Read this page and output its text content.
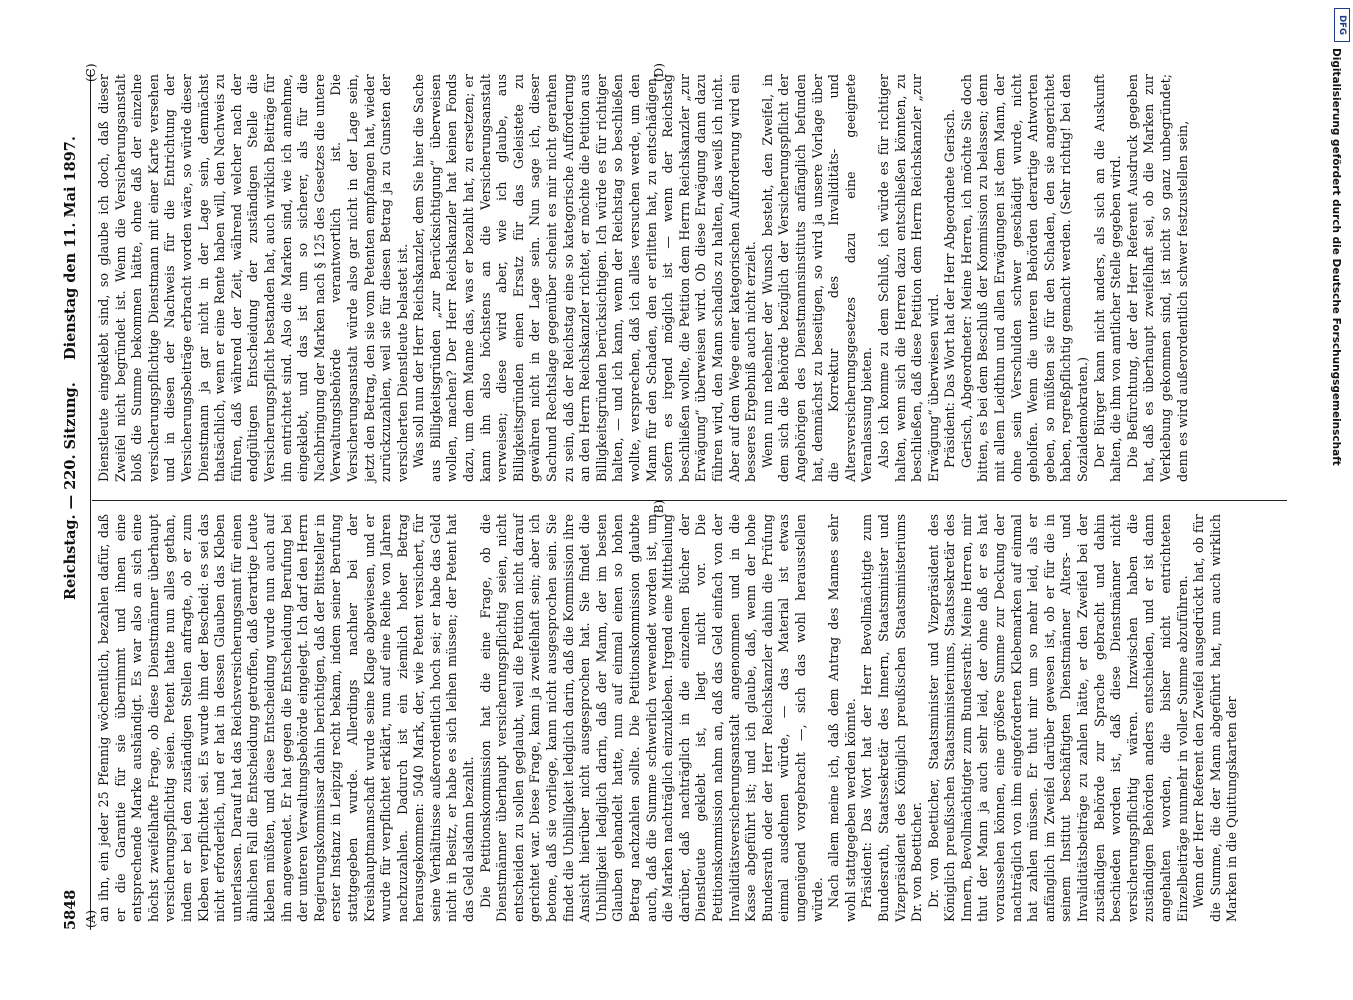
5848
Reichstag. — 220. Sitzung.
Dienstag den 11. Mai 1897.
(A)
(B)
(C)	(D)

an ihn, ein jeder 25 Pfennig wöchentlich, bezahlen dafür, daß er die Garantie für sie übernimmt und ihnen eine entsprechende Marke aushändigt. Es war also an sich eine höchst zweifelhafte Frage, ob diese Dienstmänner überhaupt versicherungspflichtig seien. Petent hatte nun alles gethan, indem er bei den zuständigen Stellen anfragte, ob er zum Kleben verpflichtet sei. Es wurde ihm der Bescheid: es sei das nicht erforderlich, und er hat in dessen Glauben das Kleben unterlassen. Darauf hat das Reichsversicherungsamt für einen ähnlichen Fall die Entscheidung getroffen, daß derartige Leute kleben müßten, und diese Entscheidung wurde nun auch auf ihn angewendet. Er hat gegen die Entscheidung Berufung bei der unteren Verwaltungsbehörde eingelegt. Ich darf den Herrn Regierungskommissar dahin berichtigen, daß der Bittsteller in erster Instanz in Leipzig recht bekam, indem seiner Berufung stattgegeben wurde. Allerdings nachher bei der Kreishauptmannschaft wurde seine Klage abgewiesen, und er wurde für verpflichtet erklärt, nun auf eine Reihe von Jahren nachzuzahlen. Dadurch ist ein ziemlich hoher Betrag herausgekommen: 5040 Mark, der, wie Petent versichert, für seine Verhältnisse außerordentlich hoch sei; er habe das Geld nicht in Besitz, er habe es sich leihen müssen; der Petent hat das Geld alsdann bezahlt. Die Petitionskommission hat die eine Frage, ob die Dienstmänner überhaupt versicherungspflichtig seien, nicht entscheiden zu sollen geglaubt, weil die Petition nicht darauf gerichtet war. Diese Frage, kann ja zweifelhaft sein; aber ich betone, daß sie vorliege, kann nicht ausgesprochen sein. Sie findet die Unbilligkeit lediglich darin, daß die Kommission ihre Ansicht hierüber nicht ausgesprochen hat. Sie findet die Unbilligkeit lediglich darin, daß der Mann, der im besten Glauben gehandelt hatte, nun auf einmal einen so hohen Betrag nachzahlen sollte. Die Petitionskommission glaubte auch, daß die Summe schwerlich verwendet worden ist, um die Marken nachträglich einzukleben. Irgend eine Mittheilung darüber, daß nachträglich in die einzelnen Bücher der Dienstleute geklebt ist, liegt nicht vor. Die Petitionskommission nahm an, daß das Geld einfach von der Invaliditätsversicherungsanstalt angenommen und in die Kasse abgeführt ist; und ich glaube, daß, wenn der hohe Bundesrath oder der Herr Reichskanzler dahin die Prüfung einmal ausdehnen würde, — das Material ist etwas ungenügend vorgebracht —, sich das wohl herausstellen würde. Nach allem meine ich, daß dem Antrag des Mannes sehr wohl stattgegeben werden könnte. Präsident: Das Wort hat der Herr Bevollmächtigte zum Bundesrath, Staatssekretär des Innern, Staatsminister und Vizepräsident des Königlich preußischen Staatsministeriums Dr. von Boetticher. Dr. von Boetticher, Staatsminister und Vizepräsident des Königlich preußischen Staatsministeriums, Staatssekretär des Innern, Bevollmächtigter zum Bundesrath: Meine Herren, mir thut der Mann ja auch sehr leid, der ohne daß er es hat voraussehen können, eine größere Summe zur Deckung der nachträglich von ihm eingeforderten Klebemarken auf einmal hat zahlen müssen. Er thut mir um so mehr leid, als er anfänglich im Zweifel darüber gewesen ist, ob er für die in seinem Institut beschäftigten Dienstmänner Alters- und Invaliditätsbeiträge zu zahlen hätte, er den Zweifel bei der zuständigen Behörde zur Sprache gebracht und dahin beschieden worden ist, daß diese Dienstmänner nicht versicherungspflichtig wären. Inzwischen haben die zuständigen Behörden anders entschieden, und er ist dann angehalten worden, die bisher nicht entrichteten Einzelbeiträge nunmehr in voller Summe abzuführen. Wenn der Herr Referent den Zweifel ausgedrückt hat, ob für die Summe, die der Mann abgeführt hat, nun auch wirklich Marken in die Quittungskarten der

Dienstleute eingeklebt sind, so glaube ich doch, daß dieser Zweifel nicht begründet ist. Wenn die Versicherungsanstalt bloß die Summe bekommen hätte, ohne daß der einzelne versicherungspflichtige Dienstmann mit einer Karte versehen und in diesen der Nachweis für die Entrichtung der Versicherungsbeiträge erbracht worden wäre, so würde dieser Dienstmann ja gar nicht in der Lage sein, demnächst thatsächlich, wenn er eine Rente haben will, den Nachweis zu führen, daß während der Zeit, während welcher nach der endgültigen Entscheidung der zuständigen Stelle die Versicherungspflicht bestanden hat, auch wirklich Beiträge für ihn entrichtet sind. Also die Marken sind, wie ich annehme, eingeklebt, und das ist um so sicherer, als für die Nachbringung der Marken nach § 125 des Gesetzes die untere Verwaltungsbehörde verantwortlich ist. Die Versicherungsanstalt würde also gar nicht in der Lage sein, jetzt den Betrag, den sie vom Petenten empfangen hat, wieder zurückzuzahlen, weil sie für diesen Betrag ja zu Gunsten der versicherten Dienstleute belastet ist. Was soll nun der Herr Reichskanzler, dem Sie hier die Sache aus Billigkeitsgründen „zur Berücksichtigung“ überweisen wollen, machen? Der Herr Reichskanzler hat keinen Fonds dazu, um dem Manne das, was er bezahlt hat, zu ersetzen; er kann ihn also höchstens an die Versicherungsanstalt verweisen; diese wird aber, wie ich glaube, aus Billigkeitsgründen einen Ersatz für das Geleistete zu gewähren nicht in der Lage sein. Nun sage ich, dieser Sachund Rechtslage gegenüber scheint es mir nicht gerathen zu sein, daß der Reichstag eine so kategorische Aufforderung an den Herrn Reichskanzler richtet, er möchte die Petition aus Billigkeitsgründen berücksichtigen. Ich würde es für richtiger halten, — und ich kann, wenn der Reichstag so beschließen wollte, versprechen, daß ich alles versuchen werde, um den Mann für den Schaden, den er erlitten hat, zu entschädigen, sofern es irgend möglich ist — wenn der Reichstag beschließen wollte, die Petition dem Herrn Reichskanzler „zur Erwägung“ überweisen wird. Ob diese Erwägung dann dazu führen wird, den Mann schadlos zu halten, das weiß ich nicht. Aber auf dem Wege einer kategorischen Aufforderung wird ein besseres Ergebniß auch nicht erzielt. Wenn nun nebenher der Wunsch besteht, den Zweifel, in dem sich die Behörde bezüglich der Versicherungspflicht der Angehörigen des Dienstmannsinstituts anfänglich befunden hat, demnächst zu beseitigen, so wird ja unsere Vorlage über die Korrektur des Invaliditäts- und Altersversicherungsgesetzes dazu eine geeignete Veranlassung bieten. Also ich komme zu dem Schluß, ich würde es für richtiger halten, wenn sich die Herren dazu entschließen könnten, zu beschließen, daß diese Petition dem Herrn Reichskanzler „zur Erwägung“ überwiesen wird. Präsident: Das Wort hat der Herr Abgeordnete Gerisch. Gerisch, Abgeordneter: Meine Herren, ich möchte Sie doch bitten, es bei dem Beschluß der Kommission zu belassen; denn mit allem Leidthun und allen Erwägungen ist dem Mann, der ohne sein Verschulden schwer geschädigt wurde, nicht geholfen. Wenn die unteren Behörden derartige Antworten geben, so müßten sie für den Schaden, den sie angerichtet haben, regreßpflichtig gemacht werden. (Sehr richtig! bei den Sozialdemokraten.) Der Bürger kann nicht anders, als sich an die Auskunft halten, die ihm von amtlicher Stelle gegeben wird. Die Befürchtung, der der Herr Referent Ausdruck gegeben hat, daß es überhaupt zweifelhaft sei, ob die Marken zur Verklebung gekommen sind, ist nicht so ganz unbegründet; denn es wird außerordentlich schwer festzustellen sein,

DFG
Digitalisierung gefördert durch die Deutsche Forschungsgemeinschaft
